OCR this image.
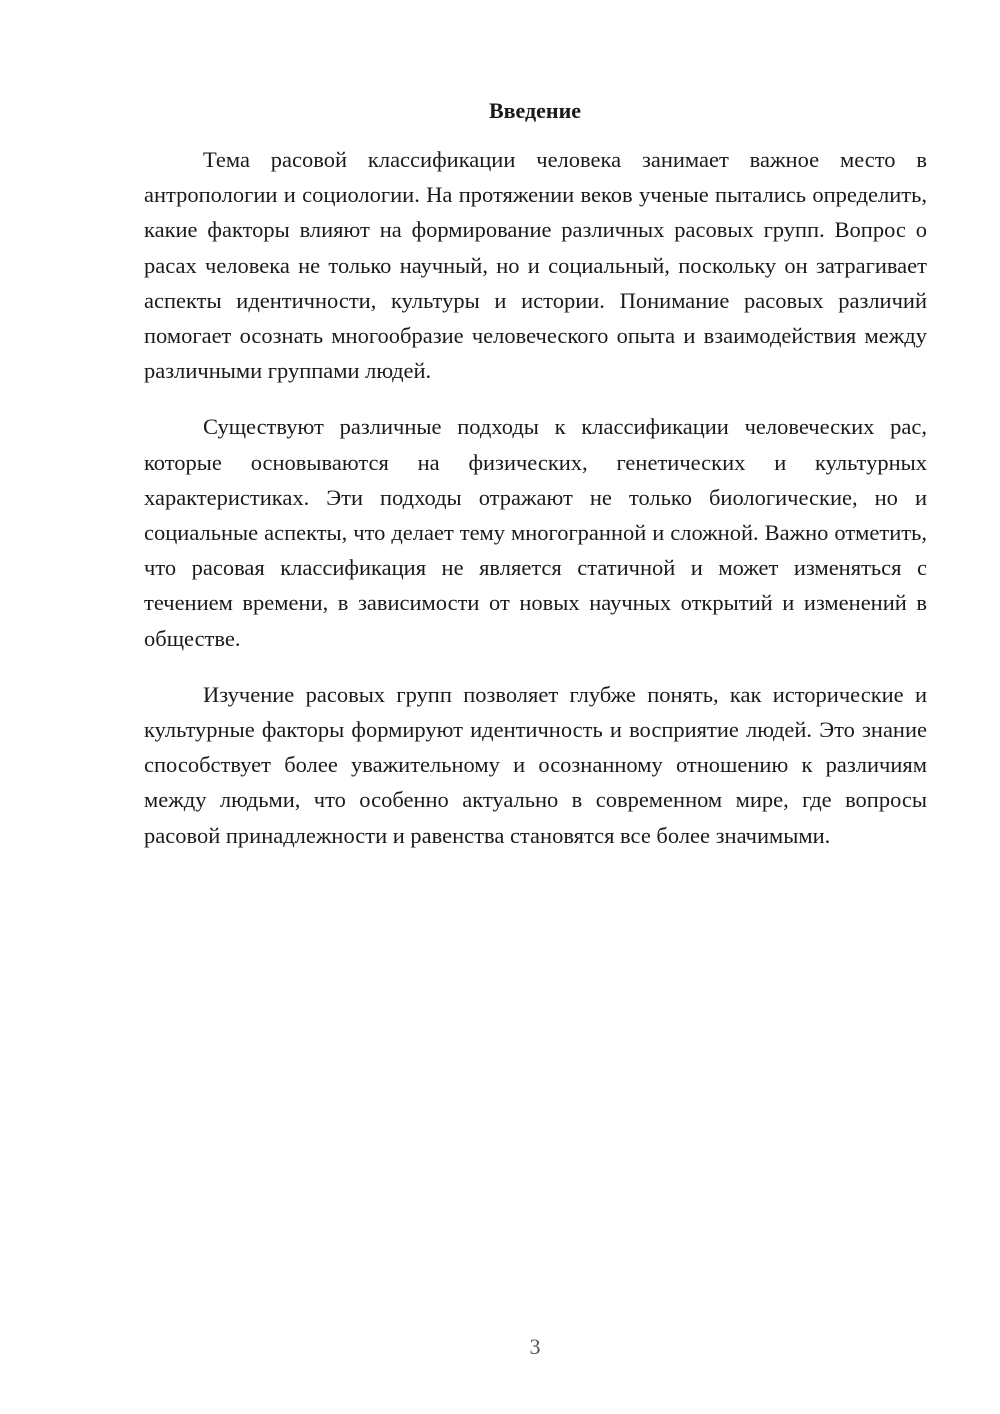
Введение

Тема расовой классификации человека занимает важное место в антропологии и социологии. На протяжении веков ученые пытались определить, какие факторы влияют на формирование различных расовых групп. Вопрос о расах человека не только научный, но и социальный, поскольку он затрагивает аспекты идентичности, культуры и истории. Понимание расовых различий помогает осознать многообразие человеческого опыта и взаимодействия между различными группами людей.

Существуют различные подходы к классификации человеческих рас, которые основываются на физических, генетических и культурных характеристиках. Эти подходы отражают не только биологические, но и социальные аспекты, что делает тему многогранной и сложной. Важно отметить, что расовая классификация не является статичной и может изменяться с течением времени, в зависимости от новых научных открытий и изменений в обществе.

Изучение расовых групп позволяет глубже понять, как исторические и культурные факторы формируют идентичность и восприятие людей. Это знание способствует более уважительному и осознанному отношению к различиям между людьми, что особенно актуально в современном мире, где вопросы расовой принадлежности и равенства становятся все более значимыми.

3
